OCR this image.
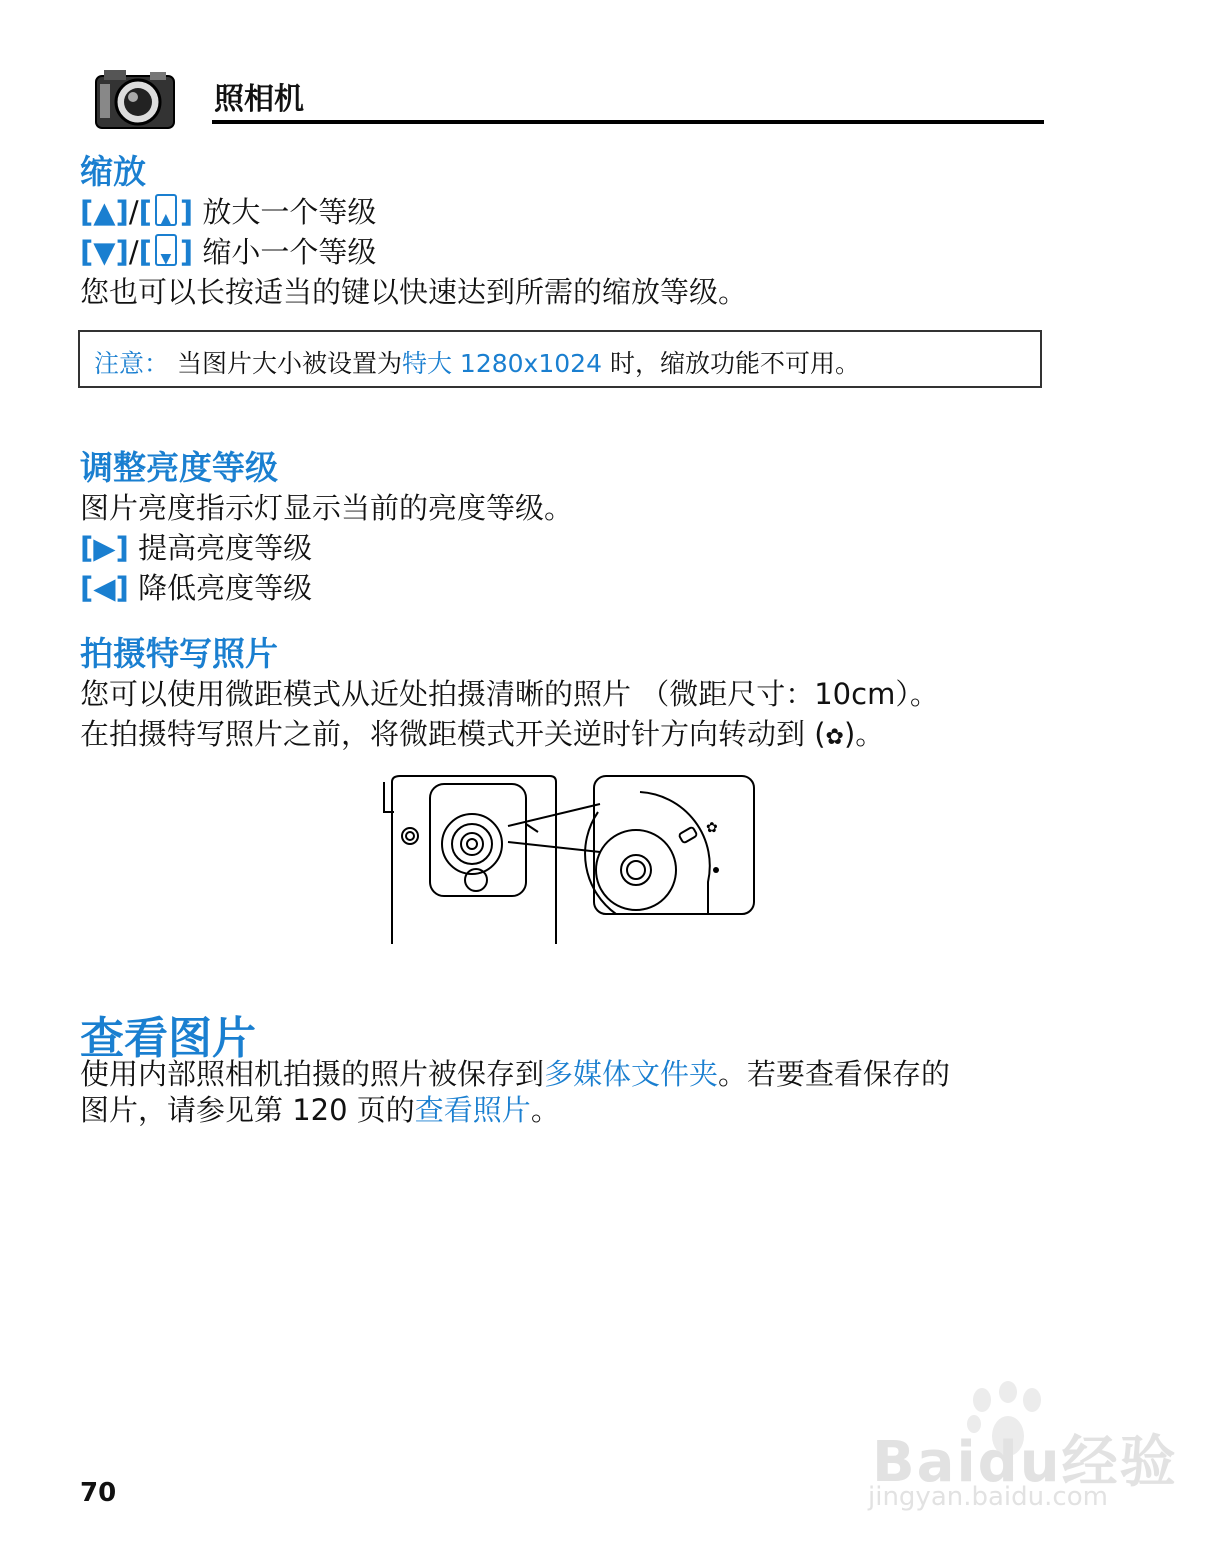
照相机
缩放
[▲]/[ ▲ ] 放大一个等级
[▼]/[ ▼ ] 缩小一个等级
您也可以长按适当的键以快速达到所需的缩放等级。
注意： 当图片大小被设置为特大 1280x1024 时，缩放功能不可用。
调整亮度等级
图片亮度指示灯显示当前的亮度等级。
[▶] 提高亮度等级
[◀] 降低亮度等级
拍摄特写照片
您可以使用微距模式从近处拍摄清晰的照片 （微距尺寸：10cm）。
在拍摄特写照片之前，将微距模式开关逆时针方向转动到 (✿)。
✿
查看图片
使用内部照相机拍摄的照片被保存到多媒体文件夹。若要查看保存的
图片，请参见第 120 页的查看照片。
70	Baidu经验
jingyan.baidu.com
